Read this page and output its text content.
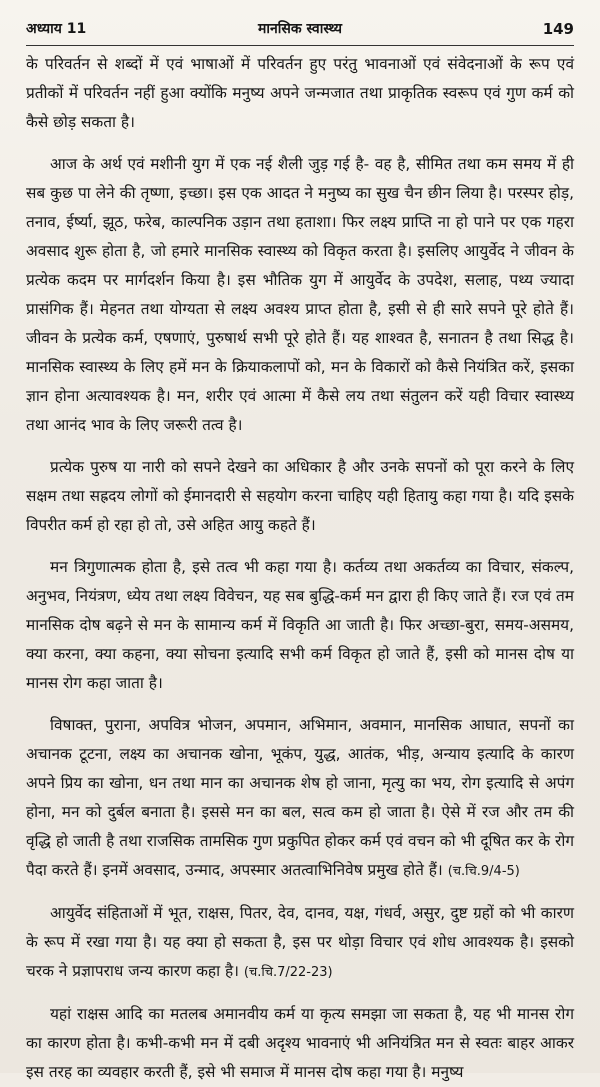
अध्याय 11	मानसिक स्वास्थ्य	149

के परिवर्तन से शब्दों में एवं भाषाओं में परिवर्तन हुए परंतु भावनाओं एवं संवेदनाओं के रूप एवं प्रतीकों में परिवर्तन नहीं हुआ क्योंकि मनुष्य अपने जन्मजात तथा प्राकृतिक स्वरूप एवं गुण कर्म को कैसे छोड़ सकता है।

आज के अर्थ एवं मशीनी युग में एक नई शैली जुड़ गई है- वह है, सीमित तथा कम समय में ही सब कुछ पा लेने की तृष्णा, इच्छा। इस एक आदत ने मनुष्य का सुख चैन छीन लिया है। परस्पर होड़, तनाव, ईर्ष्या, झूठ, फरेब, काल्पनिक उड़ान तथा हताशा। फिर लक्ष्य प्राप्ति ना हो पाने पर एक गहरा अवसाद शुरू होता है, जो हमारे मानसिक स्वास्थ्य को विकृत करता है। इसलिए आयुर्वेद ने जीवन के प्रत्येक कदम पर मार्गदर्शन किया है। इस भौतिक युग में आयुर्वेद के उपदेश, सलाह, पथ्य ज्यादा प्रासंगिक हैं। मेहनत तथा योग्यता से लक्ष्य अवश्य प्राप्त होता है, इसी से ही सारे सपने पूरे होते हैं। जीवन के प्रत्येक कर्म, एषणाएं, पुरुषार्थ सभी पूरे होते हैं। यह शाश्वत है, सनातन है तथा सिद्ध है। मानसिक स्वास्थ्य के लिए हमें मन के क्रियाकलापों को, मन के विकारों को कैसे नियंत्रित करें, इसका ज्ञान होना अत्यावश्यक है। मन, शरीर एवं आत्मा में कैसे लय तथा संतुलन करें यही विचार स्वास्थ्य तथा आनंद भाव के लिए जरूरी तत्व है।

प्रत्येक पुरुष या नारी को सपने देखने का अधिकार है और उनके सपनों को पूरा करने के लिए सक्षम तथा सह्रदय लोगों को ईमानदारी से सहयोग करना चाहिए यही हितायु कहा गया है। यदि इसके विपरीत कर्म हो रहा हो तो, उसे अहित आयु कहते हैं।

मन त्रिगुणात्मक होता है, इसे तत्व भी कहा गया है। कर्तव्य तथा अकर्तव्य का विचार, संकल्प, अनुभव, नियंत्रण, ध्येय तथा लक्ष्य विवेचन, यह सब बुद्धि-कर्म मन द्वारा ही किए जाते हैं। रज एवं तम मानसिक दोष बढ़ने से मन के सामान्य कर्म में विकृति आ जाती है। फिर अच्छा-बुरा, समय-असमय, क्या करना, क्या कहना, क्या सोचना इत्यादि सभी कर्म विकृत हो जाते हैं, इसी को मानस दोष या मानस रोग कहा जाता है।

विषाक्त, पुराना, अपवित्र भोजन, अपमान, अभिमान, अवमान, मानसिक आघात, सपनों का अचानक टूटना, लक्ष्य का अचानक खोना, भूकंप, युद्ध, आतंक, भीड़, अन्याय इत्यादि के कारण अपने प्रिय का खोना, धन तथा मान का अचानक शेष हो जाना, मृत्यु का भय, रोग इत्यादि से अपंग होना, मन को दुर्बल बनाता है। इससे मन का बल, सत्व कम हो जाता है। ऐसे में रज और तम की वृद्धि हो जाती है तथा राजसिक तामसिक गुण प्रकुपित होकर कर्म एवं वचन को भी दूषित कर के रोग पैदा करते हैं। इनमें अवसाद, उन्माद, अपस्मार अतत्वाभिनिवेष प्रमुख होते हैं। (च.चि.9/4-5)

आयुर्वेद संहिताओं में भूत, राक्षस, पितर, देव, दानव, यक्ष, गंधर्व, असुर, दुष्ट ग्रहों को भी कारण के रूप में रखा गया है। यह क्या हो सकता है, इस पर थोड़ा विचार एवं शोध आवश्यक है। इसको चरक ने प्रज्ञापराध जन्य कारण कहा है। (च.चि.7/22-23)

यहां राक्षस आदि का मतलब अमानवीय कर्म या कृत्य समझा जा सकता है, यह भी मानस रोग का कारण होता है। कभी-कभी मन में दबी अदृश्य भावनाएं भी अनियंत्रित मन से स्वतः बाहर आकर इस तरह का व्यवहार करती हैं, इसे भी समाज में मानस दोष कहा गया है। मनुष्य
